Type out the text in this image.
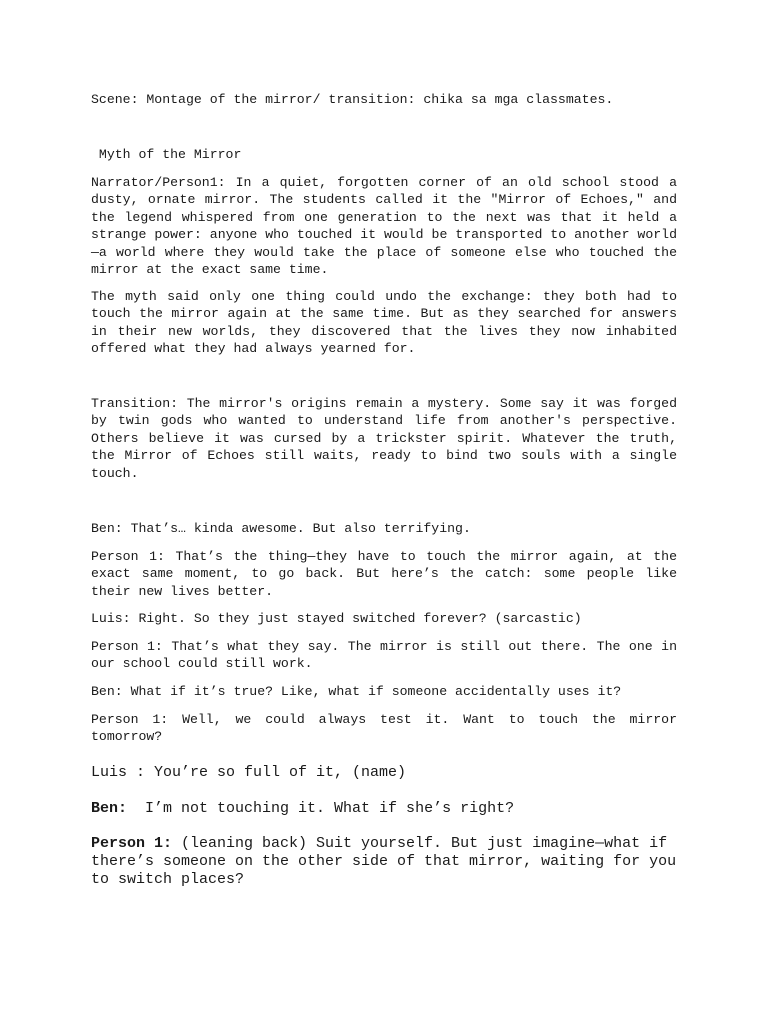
Scene: Montage of the mirror/ transition: chika sa mga classmates.

Myth of the Mirror

Narrator/Person1: In a quiet, forgotten corner of an old school stood a dusty, ornate mirror. The students called it the "Mirror of Echoes," and the legend whispered from one generation to the next was that it held a strange power: anyone who touched it would be transported to another world—a world where they would take the place of someone else who touched the mirror at the exact same time.

The myth said only one thing could undo the exchange: they both had to touch the mirror again at the same time. But as they searched for answers in their new worlds, they discovered that the lives they now inhabited offered what they had always yearned for.

Transition: The mirror's origins remain a mystery. Some say it was forged by twin gods who wanted to understand life from another's perspective. Others believe it was cursed by a trickster spirit. Whatever the truth, the Mirror of Echoes still waits, ready to bind two souls with a single touch.

Ben: That’s… kinda awesome. But also terrifying.

Person 1: That’s the thing—they have to touch the mirror again, at the exact same moment, to go back. But here’s the catch: some people like their new lives better.

Luis: Right. So they just stayed switched forever? (sarcastic)

Person 1: That’s what they say. The mirror is still out there. The one in our school could still work.

Ben: What if it’s true? Like, what if someone accidentally uses it?

Person 1: Well, we could always test it. Want to touch the mirror tomorrow?

Luis : You’re so full of it, (name)

Ben:  I’m not touching it. What if she’s right?

Person 1: (leaning back) Suit yourself. But just imagine—what if there’s someone on the other side of that mirror, waiting for you to switch places?
